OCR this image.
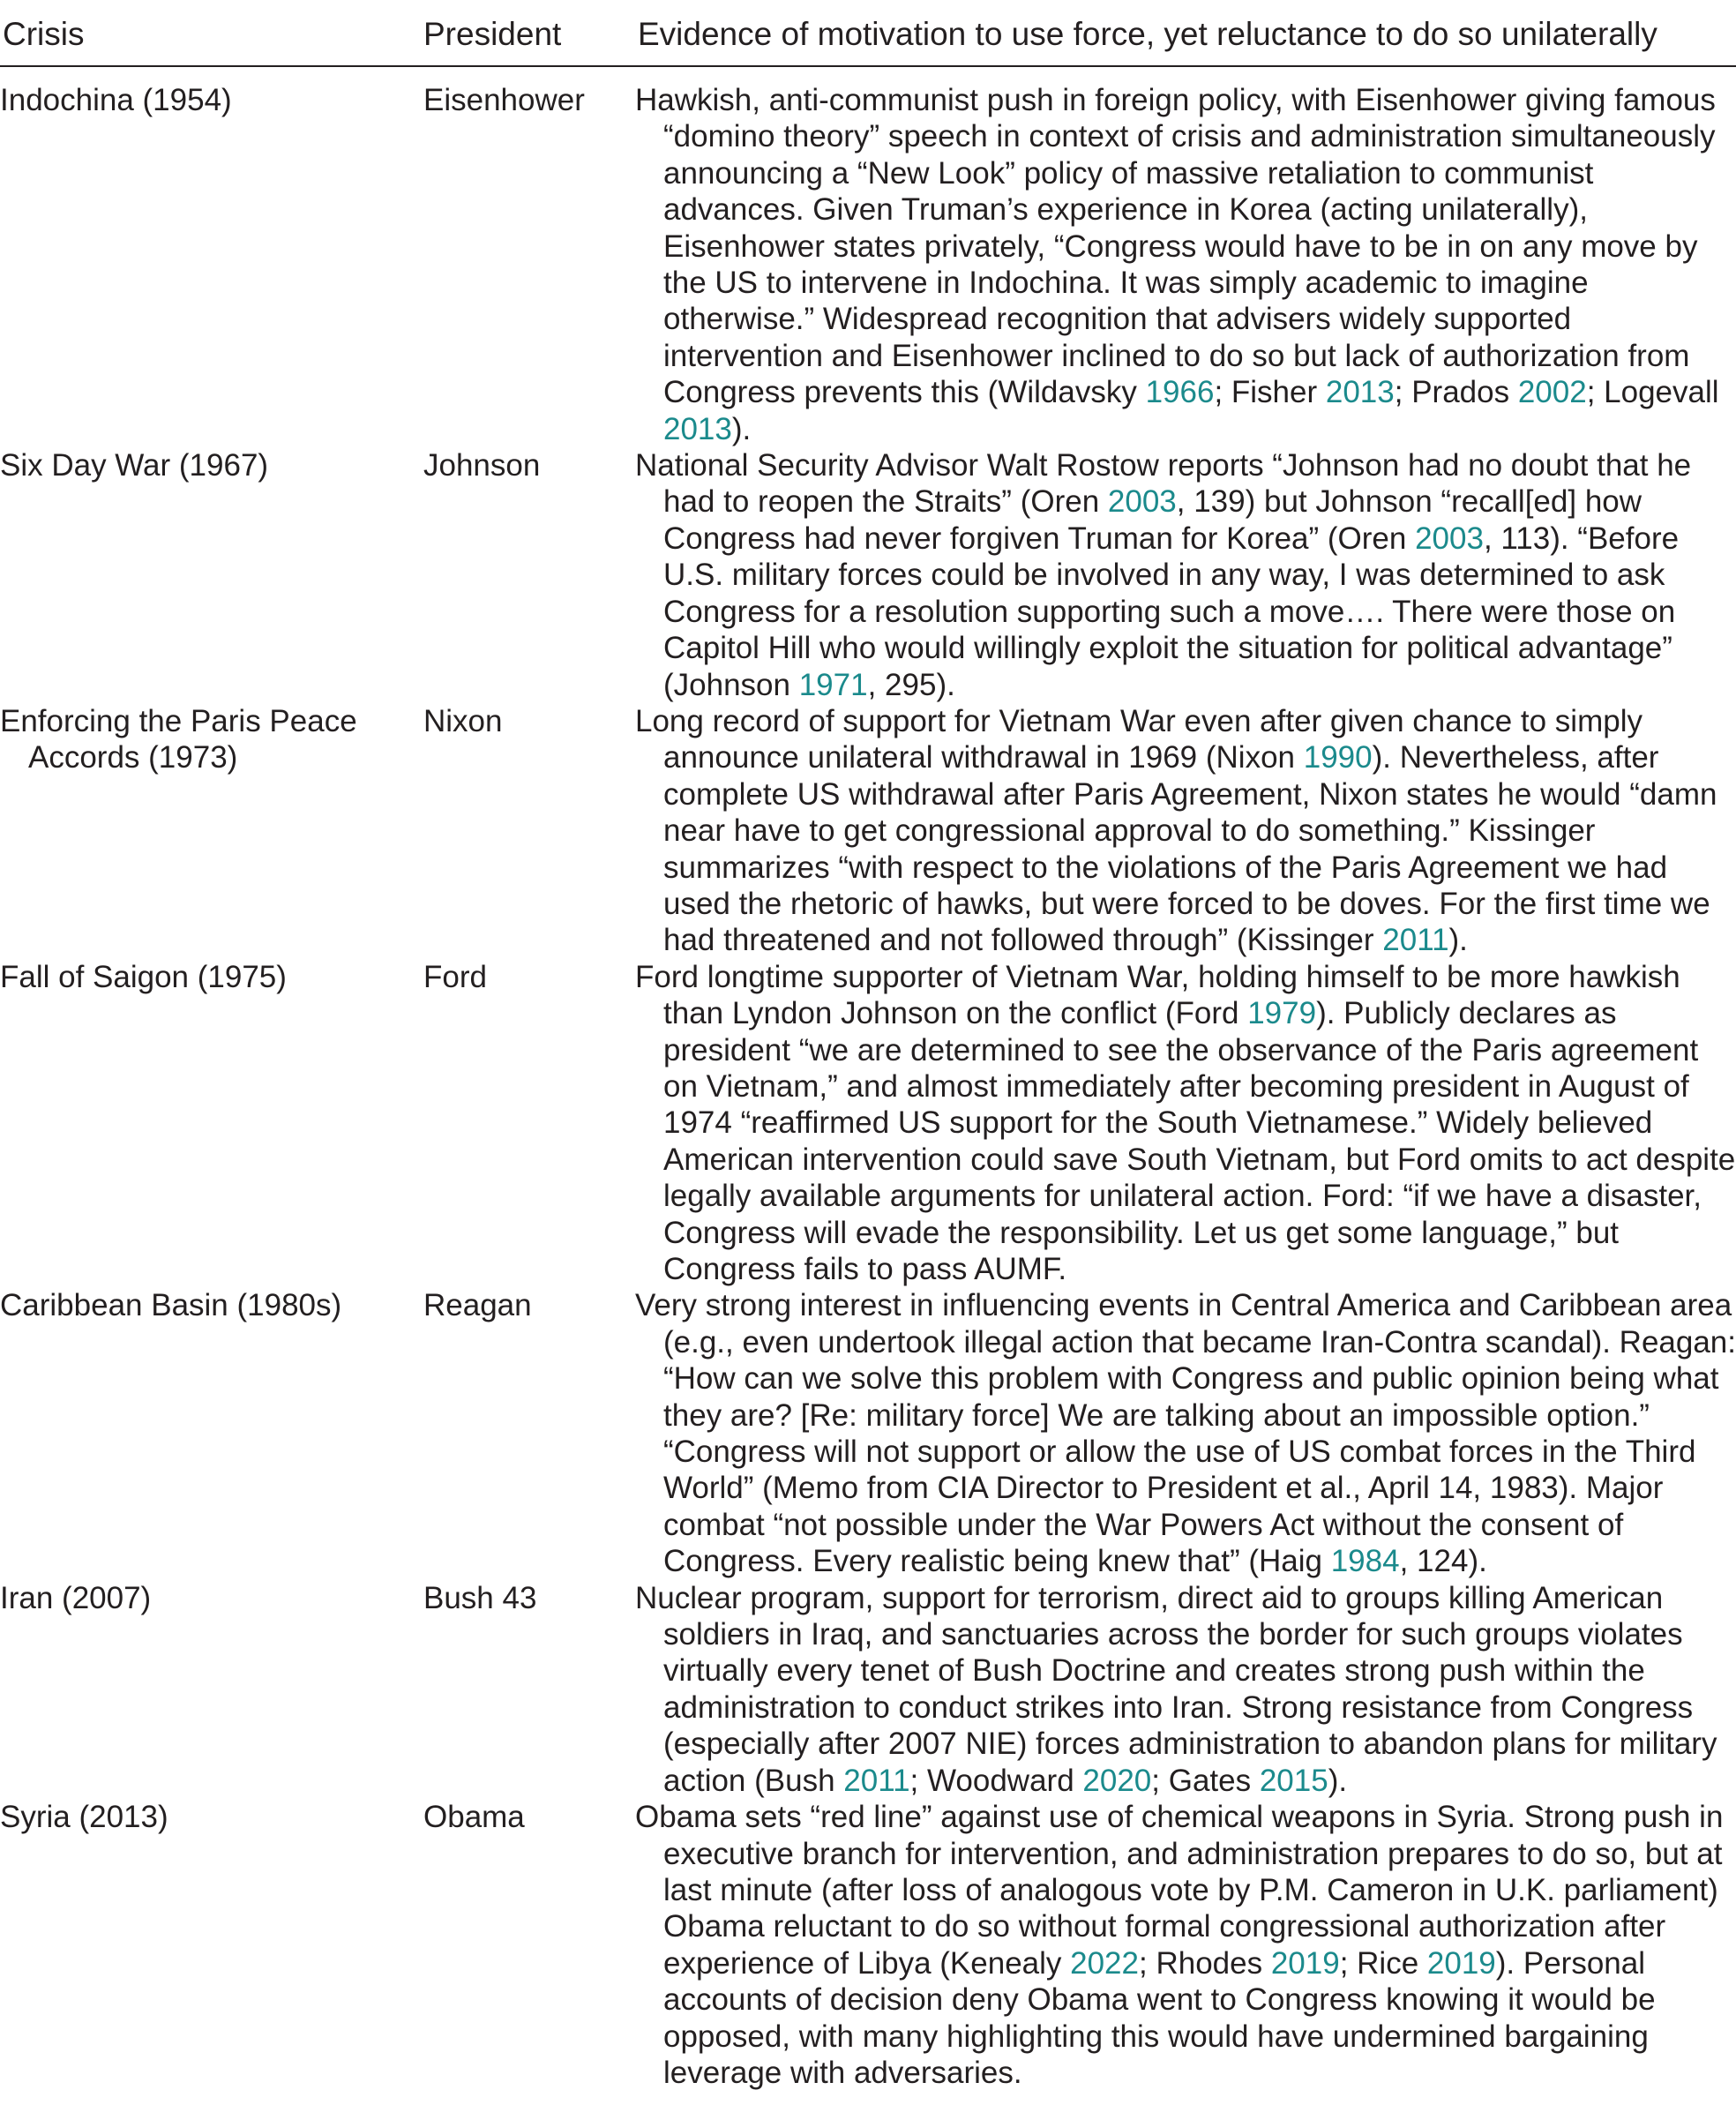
Crisis	President	Evidence of motivation to use force, yet reluctance to do so unilaterally
Indochina (1954)	Eisenhower	Hawkish, anti-communist push in foreign policy, with Eisenhower giving famous “domino theory” speech in context of crisis and administration simultaneously announcing a “New Look” policy of massive retaliation to communist advances. Given Truman’s experience in Korea (acting unilaterally), Eisenhower states privately, “Congress would have to be in on any move by the US to intervene in Indochina. It was simply academic to imagine otherwise.” Widespread recognition that advisers widely supported intervention and Eisenhower inclined to do so but lack of authorization from Congress prevents this (Wildavsky 1966; Fisher 2013; Prados 2002; Logevall 2013).
Six Day War (1967)	Johnson	National Security Advisor Walt Rostow reports “Johnson had no doubt that he had to reopen the Straits” (Oren 2003, 139) but Johnson “recall[ed] how Congress had never forgiven Truman for Korea” (Oren 2003, 113). “Before U.S. military forces could be involved in any way, I was determined to ask Congress for a resolution supporting such a move…. There were those on Capitol Hill who would willingly exploit the situation for political advantage” (Johnson 1971, 295).
Enforcing the Paris Peace Accords (1973)	Nixon	Long record of support for Vietnam War even after given chance to simply announce unilateral withdrawal in 1969 (Nixon 1990). Nevertheless, after complete US withdrawal after Paris Agreement, Nixon states he would “damn near have to get congressional approval to do something.” Kissinger summarizes “with respect to the violations of the Paris Agreement we had used the rhetoric of hawks, but were forced to be doves. For the first time we had threatened and not followed through” (Kissinger 2011).
Fall of Saigon (1975)	Ford	Ford longtime supporter of Vietnam War, holding himself to be more hawkish than Lyndon Johnson on the conflict (Ford 1979). Publicly declares as president “we are determined to see the observance of the Paris agreement on Vietnam,” and almost immediately after becoming president in August of 1974 “reaffirmed US support for the South Vietnamese.” Widely believed American intervention could save South Vietnam, but Ford omits to act despite legally available arguments for unilateral action. Ford: “if we have a disaster, Congress will evade the responsibility. Let us get some language,” but Congress fails to pass AUMF.
Caribbean Basin (1980s)	Reagan	Very strong interest in influencing events in Central America and Caribbean area (e.g., even undertook illegal action that became Iran-Contra scandal). Reagan: “How can we solve this problem with Congress and public opinion being what they are? [Re: military force] We are talking about an impossible option.” “Congress will not support or allow the use of US combat forces in the Third World” (Memo from CIA Director to President et al., April 14, 1983). Major combat “not possible under the War Powers Act without the consent of Congress. Every realistic being knew that” (Haig 1984, 124).
Iran (2007)	Bush 43	Nuclear program, support for terrorism, direct aid to groups killing American soldiers in Iraq, and sanctuaries across the border for such groups violates virtually every tenet of Bush Doctrine and creates strong push within the administration to conduct strikes into Iran. Strong resistance from Congress (especially after 2007 NIE) forces administration to abandon plans for military action (Bush 2011; Woodward 2020; Gates 2015).
Syria (2013)	Obama	Obama sets “red line” against use of chemical weapons in Syria. Strong push in executive branch for intervention, and administration prepares to do so, but at last minute (after loss of analogous vote by P.M. Cameron in U.K. parliament) Obama reluctant to do so without formal congressional authorization after experience of Libya (Kenealy 2022; Rhodes 2019; Rice 2019). Personal accounts of decision deny Obama went to Congress knowing it would be opposed, with many highlighting this would have undermined bargaining leverage with adversaries.
